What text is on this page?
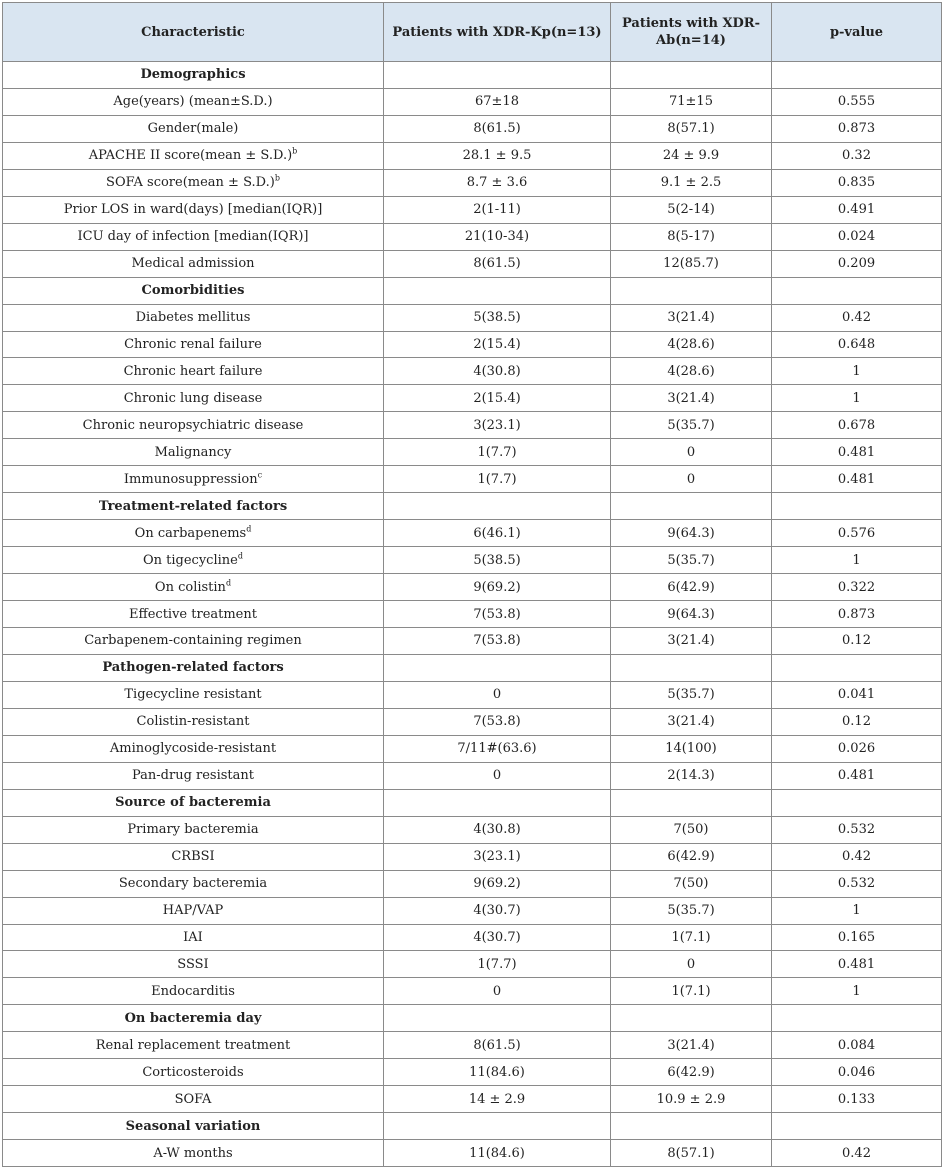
Characteristic	Patients with XDR-Kp(n=13)	Patients with XDR-Ab(n=14)	p-value
Demographics			
Age(years) (mean±S.D.)	67±18	71±15	0.555
Gender(male)	8(61.5)	8(57.1)	0.873
APACHE II score(mean ± S.D.)$^b$	28.1 ± 9.5	24 ± 9.9	0.32
SOFA score(mean ± S.D.)$^b$	8.7 ± 3.6	9.1 ± 2.5	0.835
Prior LOS in ward(days) [median(IQR)]	2(1-11)	5(2-14)	0.491
ICU day of infection [median(IQR)]	21(10-34)	8(5-17)	0.024
Medical admission	8(61.5)	12(85.7)	0.209
Comorbidities			
Diabetes mellitus	5(38.5)	3(21.4)	0.42
Chronic renal failure	2(15.4)	4(28.6)	0.648
Chronic heart failure	4(30.8)	4(28.6)	1
Chronic lung disease	2(15.4)	3(21.4)	1
Chronic neuropsychiatric disease	3(23.1)	5(35.7)	0.678
Malignancy	1(7.7)	0	0.481
Immunosuppression$^c$	1(7.7)	0	0.481
Treatment-related factors			
On carbapenems$^d$	6(46.1)	9(64.3)	0.576
On tigecycline$^d$	5(38.5)	5(35.7)	1
On colistin$^d$	9(69.2)	6(42.9)	0.322
Effective treatment	7(53.8)	9(64.3)	0.873
Carbapenem-containing regimen	7(53.8)	3(21.4)	0.12
Pathogen-related factors			
Tigecycline resistant	0	5(35.7)	0.041
Colistin-resistant	7(53.8)	3(21.4)	0.12
Aminoglycoside-resistant	7/11#(63.6)	14(100)	0.026
Pan-drug resistant	0	2(14.3)	0.481
Source of bacteremia			
Primary bacteremia	4(30.8)	7(50)	0.532
CRBSI	3(23.1)	6(42.9)	0.42
Secondary bacteremia	9(69.2)	7(50)	0.532
HAP/VAP	4(30.7)	5(35.7)	1
IAI	4(30.7)	1(7.1)	0.165
SSSI	1(7.7)	0	0.481
Endocarditis	0	1(7.1)	1
On bacteremia day			
Renal replacement treatment	8(61.5)	3(21.4)	0.084
Corticosteroids	11(84.6)	6(42.9)	0.046
SOFA	14 ± 2.9	10.9 ± 2.9	0.133
Seasonal variation			
A-W months	11(84.6)	8(57.1)	0.42
